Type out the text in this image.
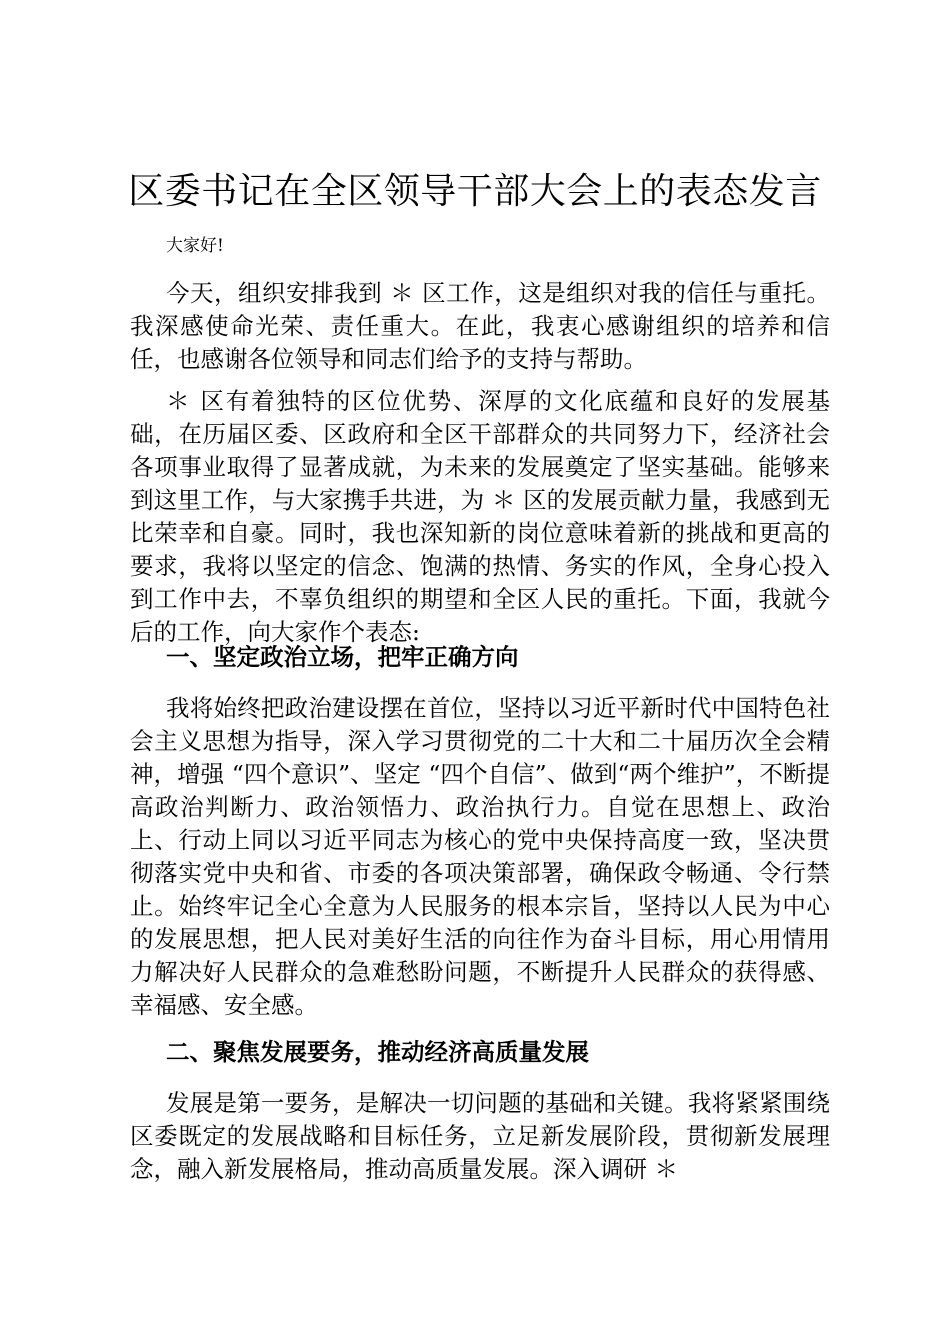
区委书记在全区领导干部大会上的表态发言

大家好!

今天，组织安排我到 ＊ 区工作，这是组织对我的信任与重托。我深感使命光荣、责任重大。在此，我衷心感谢组织的培养和信任，也感谢各位领导和同志们给予的支持与帮助。

＊ 区有着独特的区位优势、深厚的文化底蕴和良好的发展基础，在历届区委、区政府和全区干部群众的共同努力下，经济社会各项事业取得了显著成就，为未来的发展奠定了坚实基础。能够来到这里工作，与大家携手共进，为 ＊ 区的发展贡献力量，我感到无比荣幸和自豪。同时，我也深知新的岗位意味着新的挑战和更高的要求，我将以坚定的信念、饱满的热情、务实的作风，全身心投入到工作中去，不辜负组织的期望和全区人民的重托。下面，我就今后的工作，向大家作个表态:

一、坚定政治立场，把牢正确方向

我将始终把政治建设摆在首位，坚持以习近平新时代中国特色社会主义思想为指导，深入学习贯彻党的二十大和二十届历次全会精神，增强 “四个意识”、坚定 “四个自信”、做到“两个维护”，不断提高政治判断力、政治领悟力、政治执行力。自觉在思想上、政治上、行动上同以习近平同志为核心的党中央保持高度一致，坚决贯彻落实党中央和省、市委的各项决策部署，确保政令畅通、令行禁止。始终牢记全心全意为人民服务的根本宗旨，坚持以人民为中心的发展思想，把人民对美好生活的向往作为奋斗目标，用心用情用力解决好人民群众的急难愁盼问题，不断提升人民群众的获得感、幸福感、安全感。

二、聚焦发展要务，推动经济高质量发展

发展是第一要务，是解决一切问题的基础和关键。我将紧紧围绕区委既定的发展战略和目标任务，立足新发展阶段，贯彻新发展理念，融入新发展格局，推动高质量发展。深入调研 ＊
